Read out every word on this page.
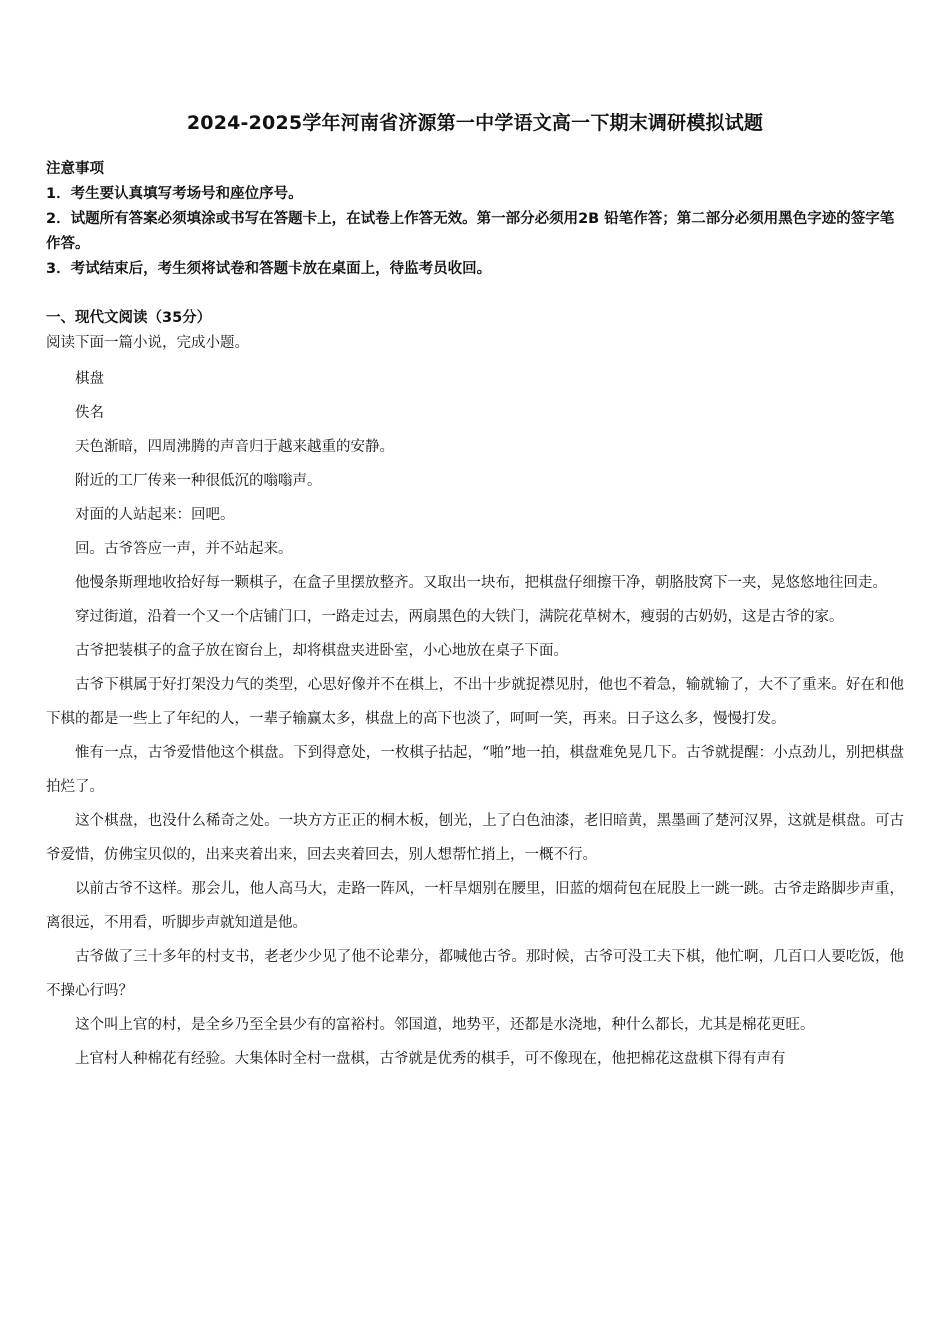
2024-2025学年河南省济源第一中学语文高一下期末调研模拟试题

注意事项

1．考生要认真填写考场号和座位序号。

2．试题所有答案必须填涂或书写在答题卡上，在试卷上作答无效。第一部分必须用2B 铅笔作答；第二部分必须用黑色字迹的签字笔作答。

3．考试结束后，考生须将试卷和答题卡放在桌面上，待监考员收回。

一、现代文阅读（35分）

阅读下面一篇小说，完成小题。

棋盘

佚名

天色渐暗，四周沸腾的声音归于越来越重的安静。

附近的工厂传来一种很低沉的嗡嗡声。

对面的人站起来：回吧。

回。古爷答应一声，并不站起来。

他慢条斯理地收拾好每一颗棋子，在盒子里摆放整齐。又取出一块布，把棋盘仔细擦干净，朝胳肢窝下一夹，晃悠悠地往回走。

穿过街道，沿着一个又一个店铺门口，一路走过去，两扇黑色的大铁门，满院花草树木，瘦弱的古奶奶，这是古爷的家。

古爷把装棋子的盒子放在窗台上，却将棋盘夹进卧室，小心地放在桌子下面。

古爷下棋属于好打架没力气的类型，心思好像并不在棋上，不出十步就捉襟见肘，他也不着急，输就输了，大不了重来。好在和他下棋的都是一些上了年纪的人，一辈子输赢太多，棋盘上的高下也淡了，呵呵一笑，再来。日子这么多，慢慢打发。

惟有一点，古爷爱惜他这个棋盘。下到得意处，一枚棋子拈起，“啪”地一拍，棋盘难免晃几下。古爷就提醒：小点劲儿，别把棋盘拍烂了。

这个棋盘，也没什么稀奇之处。一块方方正正的桐木板，刨光，上了白色油漆，老旧暗黄，黑墨画了楚河汉界，这就是棋盘。可古爷爱惜，仿佛宝贝似的，出来夹着出来，回去夹着回去，别人想帮忙捎上，一概不行。

以前古爷不这样。那会儿，他人高马大，走路一阵风，一杆旱烟别在腰里，旧蓝的烟荷包在屁股上一跳一跳。古爷走路脚步声重，离很远，不用看，听脚步声就知道是他。

古爷做了三十多年的村支书，老老少少见了他不论辈分，都喊他古爷。那时候，古爷可没工夫下棋，他忙啊，几百口人要吃饭，他不操心行吗？

这个叫上官的村，是全乡乃至全县少有的富裕村。邻国道，地势平，还都是水浇地，种什么都长，尤其是棉花更旺。

上官村人种棉花有经验。大集体时全村一盘棋，古爷就是优秀的棋手，可不像现在，他把棉花这盘棋下得有声有
